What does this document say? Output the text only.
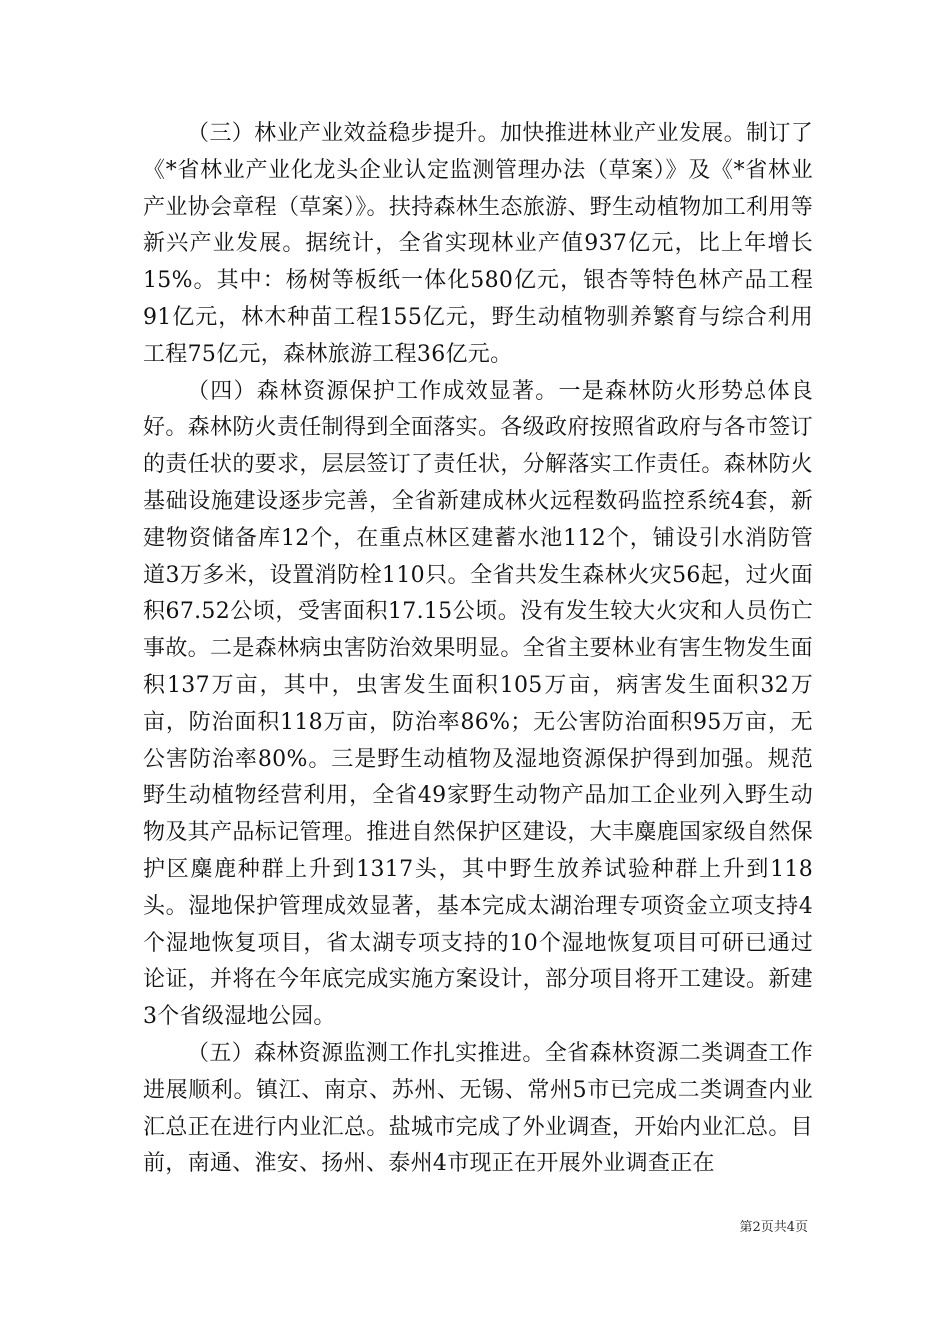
（三）林业产业效益稳步提升。加快推进林业产业发展。制订了《*省林业产业化龙头企业认定监测管理办法（草案）》及《*省林业产业协会章程（草案）》。扶持森林生态旅游、野生动植物加工利用等新兴产业发展。据统计，全省实现林业产值937亿元，比上年增长15%。其中：杨树等板纸一体化580亿元，银杏等特色林产品工程91亿元，林木种苗工程155亿元，野生动植物驯养繁育与综合利用工程75亿元，森林旅游工程36亿元。

（四）森林资源保护工作成效显著。一是森林防火形势总体良好。森林防火责任制得到全面落实。各级政府按照省政府与各市签订的责任状的要求，层层签订了责任状，分解落实工作责任。森林防火基础设施建设逐步完善，全省新建成林火远程数码监控系统4套，新建物资储备库12个，在重点林区建蓄水池112个，铺设引水消防管道3万多米，设置消防栓110只。全省共发生森林火灾56起，过火面积67.52公顷，受害面积17.15公顷。没有发生较大火灾和人员伤亡事故。二是森林病虫害防治效果明显。全省主要林业有害生物发生面积137万亩，其中，虫害发生面积105万亩，病害发生面积32万亩，防治面积118万亩，防治率86%；无公害防治面积95万亩，无公害防治率80%。三是野生动植物及湿地资源保护得到加强。规范野生动植物经营利用，全省49家野生动物产品加工企业列入野生动物及其产品标记管理。推进自然保护区建设，大丰麋鹿国家级自然保护区麋鹿种群上升到1317头，其中野生放养试验种群上升到118头。湿地保护管理成效显著，基本完成太湖治理专项资金立项支持4个湿地恢复项目，省太湖专项支持的10个湿地恢复项目可研已通过论证，并将在今年底完成实施方案设计，部分项目将开工建设。新建3个省级湿地公园。

（五）森林资源监测工作扎实推进。全省森林资源二类调查工作进展顺利。镇江、南京、苏州、无锡、常州5市已完成二类调查内业汇总正在进行内业汇总。盐城市完成了外业调查，开始内业汇总。目前，南通、淮安、扬州、泰州4市现正在开展外业调查正在

第2页共4页
